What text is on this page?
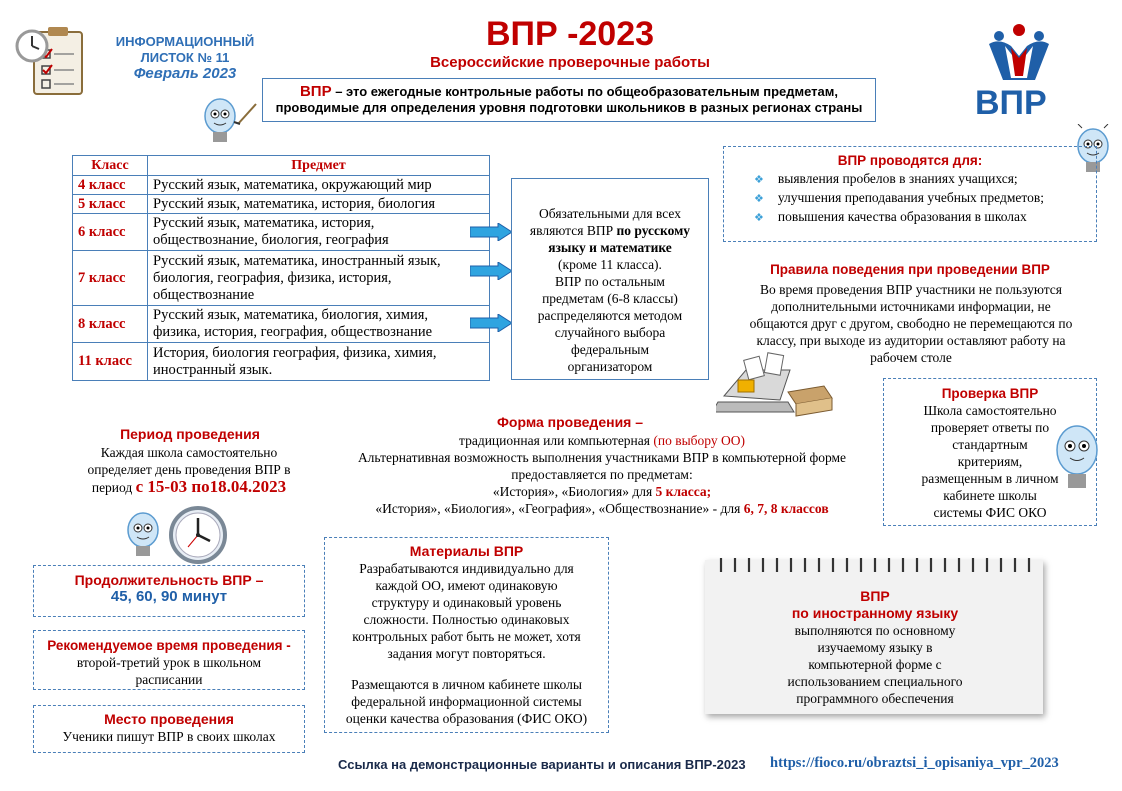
ИНФОРМАЦИОННЫЙ
ЛИСТОК № 11
Февраль 2023
ВПР -2023
Всероссийские проверочные работы
ВПР – это ежегодные контрольные работы по общеобразовательным предметам,
проводимые для определения уровня подготовки школьников в разных регионах страны	ВПР
Класс	Предмет
4 класс	Русский язык, математика, окружающий мир

5 класс	Русский язык, математика, история, биология

6 класс	Русский язык, математика, история,
обществознание, биология, география

7 класс	Русский язык, математика, иностранный язык,
биология, география, физика, история,
обществознание

8 класс	Русский язык, математика, биология, химия,
физика, история, география, обществознание

11 класс	История, биология география, физика, химия,
иностранный язык.
Обязательными для всех
являются ВПР по русскому
языку и математике
(кроме 11 класса).
ВПР по остальным
предметам (6-8 классы)
распределяются методом
случайного выбора
федеральным
организатором
ВПР проводятся для:
❖ выявления пробелов в знаниях учащихся;
❖ улучшения преподавания учебных предметов;
❖ повышения качества образования в школах
Правила поведения при проведении ВПР
Во время проведения ВПР участники не пользуются
дополнительными источниками информации, не
общаются друг с другом, свободно не перемещаются по
классу, при выходе из аудитории оставляют работу на
рабочем столе
Проверка ВПР
Школа самостоятельно
проверяет ответы по
стандартным
критериям,
размещенным в личном
кабинете школы
системы ФИС ОКО
Период проведения
Каждая школа самостоятельно
определяет день проведения ВПР в
период с 15-03 по18.04.2023
Форма проведения –
традиционная или компьютерная (по выбору ОО)
Альтернативная возможность выполнения участниками ВПР в компьютерной форме
предоставляется по предметам:
«История», «Биология» для 5 класса;
«История», «Биология», «География», «Обществознание» - для 6, 7, 8 классов
Продолжительность ВПР –
45, 60, 90 минут
Рекомендуемое время проведения -
второй-третий урок в школьном
расписании
Место проведения
Ученики пишут ВПР в своих школах
Материалы ВПР
Разрабатываются индивидуально для
каждой ОО, имеют одинаковую
структуру и одинаковый уровень
сложности. Полностью одинаковых
контрольных работ быть не может, хотя
задания могут повторяться.
Размещаются в личном кабинете школы
федеральной информационной системы
оценки качества образования (ФИС ОКО)
ВПР
по иностранному языку
выполняются по основному
изучаемому языку в
компьютерной форме с
использованием специального
программного обеспечения
Ссылка на демонстрационные варианты и описания ВПР-2023	https://fioco.ru/obraztsi_i_opisaniya_vpr_2023
